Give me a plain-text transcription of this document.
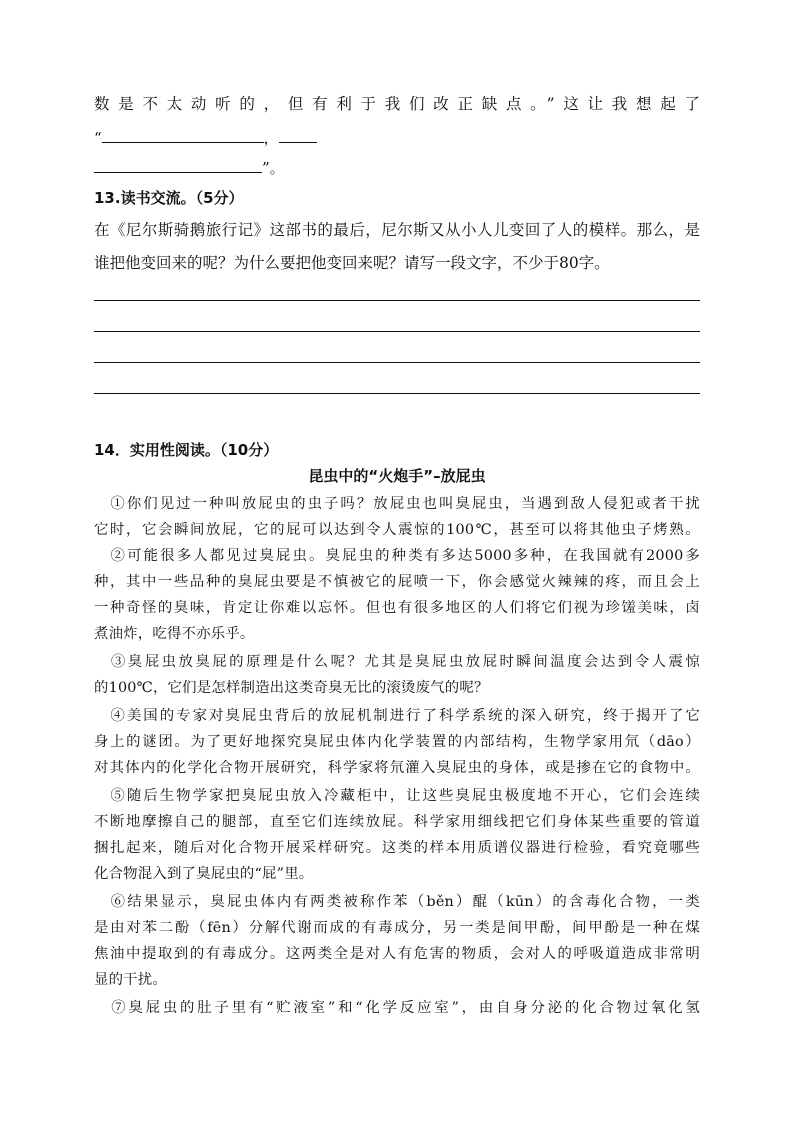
数是不太动听的，但有利于我们改正缺点。”这让我想起了
“	，
”。
13.读书交流。（5分）
在《尼尔斯骑鹅旅行记》这部书的最后，尼尔斯又从小人儿变回了人的模样。那么，是
谁把他变回来的呢？为什么要把他变回来呢？请写一段文字，不少于80字。
14．实用性阅读。（10分）
昆虫中的“火炮手”–放屁虫
　①你们见过一种叫放屁虫的虫子吗？放屁虫也叫臭屁虫，当遇到敌人侵犯或者干扰
它时，它会瞬间放屁，它的屁可以达到令人震惊的100℃，甚至可以将其他虫子烤熟。
　②可能很多人都见过臭屁虫。臭屁虫的种类有多达5000多种，在我国就有2000多
种，其中一些品种的臭屁虫要是不慎被它的屁喷一下，你会感觉火辣辣的疼，而且会上
一种奇怪的臭味，肯定让你难以忘怀。但也有很多地区的人们将它们视为珍馐美味，卤
煮油炸，吃得不亦乐乎。
　③臭屁虫放臭屁的原理是什么呢？尤其是臭屁虫放屁时瞬间温度会达到令人震惊
的100℃，它们是怎样制造出这类奇臭无比的滚烫废气的呢？
　④美国的专家对臭屁虫背后的放屁机制进行了科学系统的深入研究，终于揭开了它
身上的谜团。为了更好地探究臭屁虫体内化学装置的内部结构，生物学家用氘（dāo）
对其体内的化学化合物开展研究，科学家将氘灌入臭屁虫的身体，或是掺在它的食物中。
　⑤随后生物学家把臭屁虫放入冷藏柜中，让这些臭屁虫极度地不开心，它们会连续
不断地摩擦自己的腿部，直至它们连续放屁。科学家用细线把它们身体某些重要的管道
捆扎起来，随后对化合物开展采样研究。这类的样本用质谱仪器进行检验，看究竟哪些
化合物混入到了臭屁虫的“屁”里。
　⑥结果显示，臭屁虫体内有两类被称作苯（běn）醌（kūn）的含毒化合物，一类
是由对苯二酚（fēn）分解代谢而成的有毒成分，另一类是间甲酚，间甲酚是一种在煤
焦油中提取到的有毒成分。这两类全是对人有危害的物质，会对人的呼吸道造成非常明
显的干扰。
　⑦臭屁虫的肚子里有“贮液室”和“化学反应室”，由自身分泌的化合物过氧化氢
